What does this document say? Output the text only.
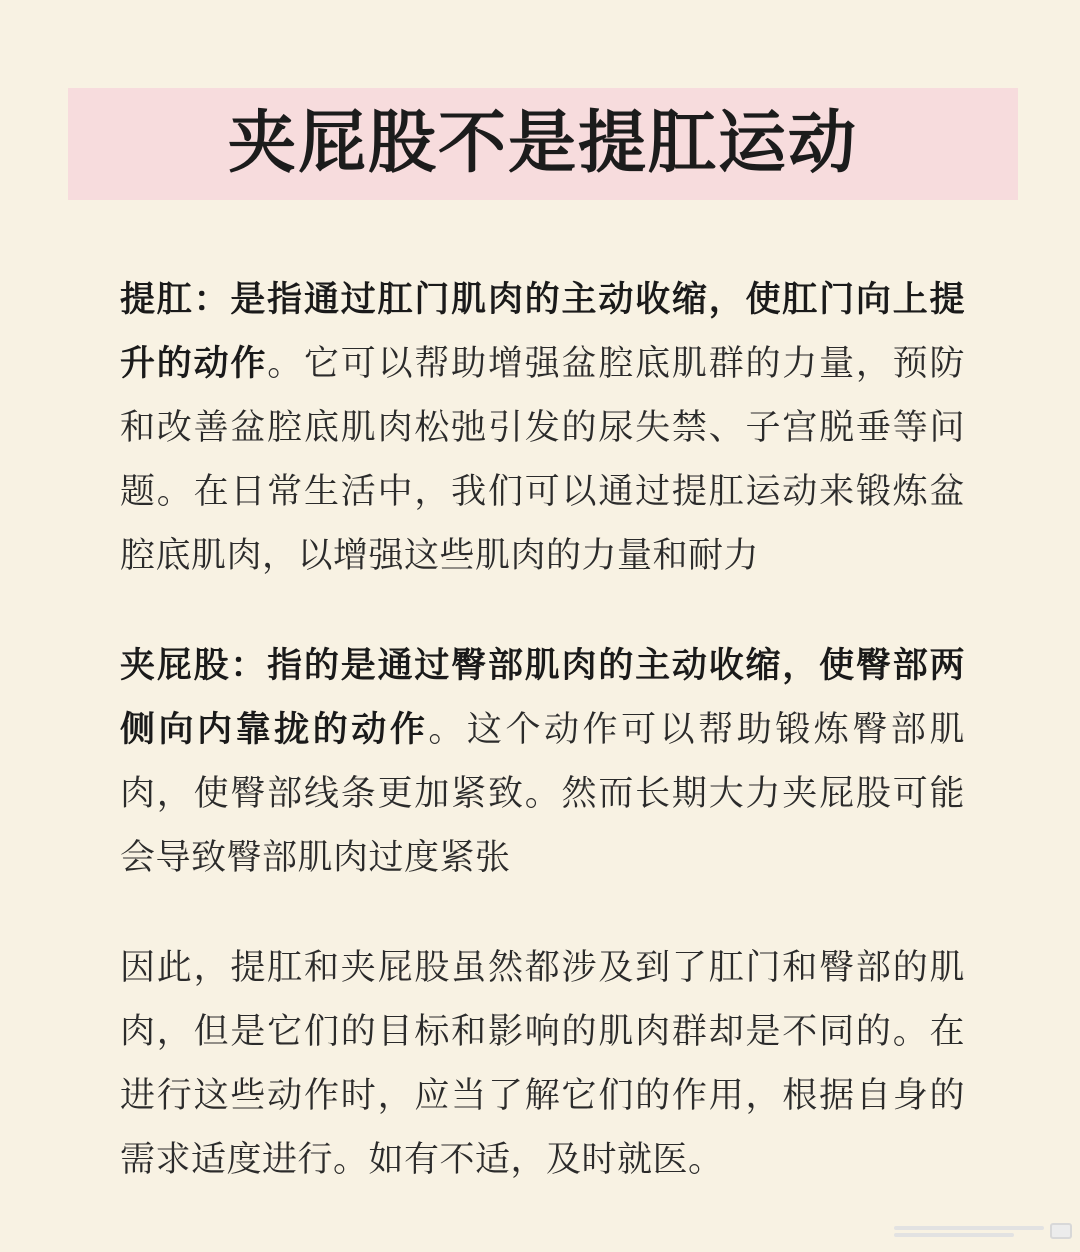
夹屁股不是提肛运动
提肛：是指通过肛门肌肉的主动收缩，使肛门向上提升的动作。它可以帮助增强盆腔底肌群的力量，预防和改善盆腔底肌肉松弛引发的尿失禁、子宫脱垂等问题。在日常生活中，我们可以通过提肛运动来锻炼盆腔底肌肉，以增强这些肌肉的力量和耐力
夹屁股：指的是通过臀部肌肉的主动收缩，使臀部两侧向内靠拢的动作。这个动作可以帮助锻炼臀部肌肉，使臀部线条更加紧致。然而长期大力夹屁股可能会导致臀部肌肉过度紧张
因此，提肛和夹屁股虽然都涉及到了肛门和臀部的肌肉，但是它们的目标和影响的肌肉群却是不同的。在进行这些动作时，应当了解它们的作用，根据自身的需求适度进行。如有不适，及时就医。
